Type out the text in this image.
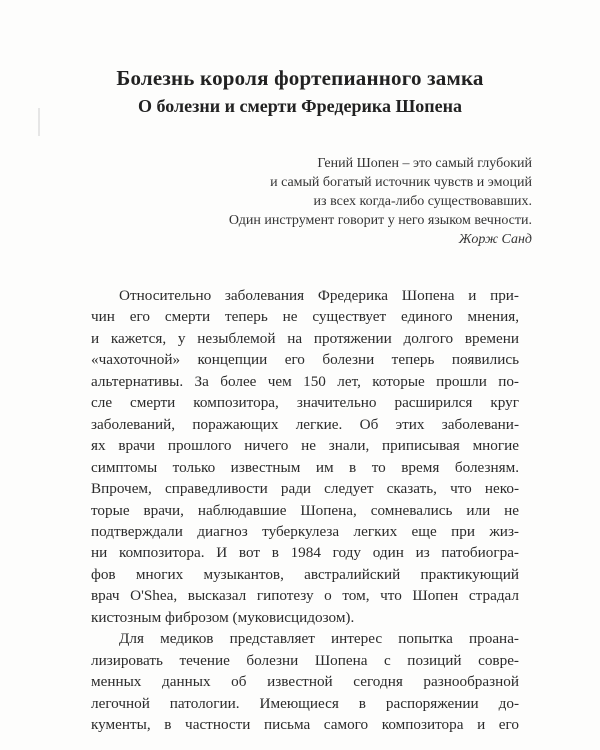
Болезнь короля фортепианного замка
О болезни и смерти Фредерика Шопена
Гений Шопен – это самый глубокий
и самый богатый источник чувств и эмоций
из всех когда-либо существовавших.
Один инструмент говорит у него языком вечности.
Жорж Санд
Относительно заболевания Фредерика Шопена и при-
чин его смерти теперь не существует единого мнения,
и кажется, у незыблемой на протяжении долгого времени
«чахоточной» концепции его болезни теперь появились
альтернативы. За более чем 150 лет, которые прошли по-
сле смерти композитора, значительно расширился круг
заболеваний, поражающих легкие. Об этих заболевани-
ях врачи прошлого ничего не знали, приписывая многие
симптомы только известным им в то время болезням.
Впрочем, справедливости ради следует сказать, что неко-
торые врачи, наблюдавшие Шопена, сомневались или не
подтверждали диагноз туберкулеза легких еще при жиз-
ни композитора. И вот в 1984 году один из патобиогра-
фов многих музыкантов, австралийский практикующий
врач O'Shea, высказал гипотезу о том, что Шопен страдал
кистозным фиброзом (муковисцидозом).
Для медиков представляет интерес попытка проана-
лизировать течение болезни Шопена с позиций совре-
менных данных об известной сегодня разнообразной
легочной патологии. Имеющиеся в распоряжении до-
кументы, в частности письма самого композитора и его
